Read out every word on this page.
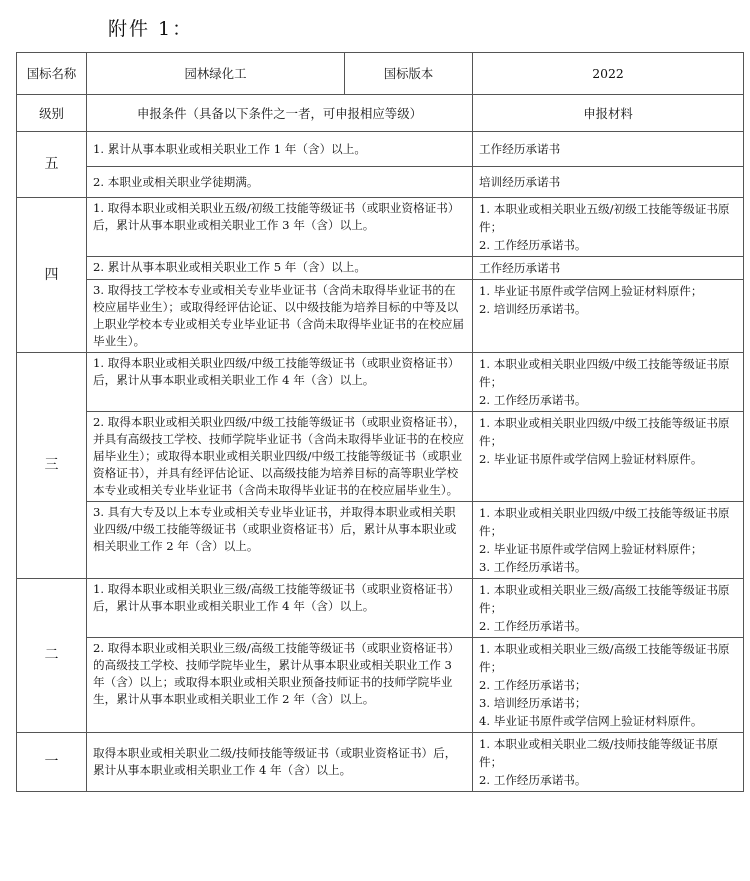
附件 1：
国标名称	园林绿化工	国标版本	2022
级别	申报条件（具备以下条件之一者，可申报相应等级）		申报材料
五	1. 累计从事本职业或相关职业工作 1 年（含）以上。		工作经历承诺书

	2. 本职业或相关职业学徒期满。		培训经历承诺书

四	1. 取得本职业或相关职业五级/初级工技能等级证书（或职业资格证书）后，累计从事本职业或相关职业工作 3 年（含）以上。		1. 本职业或相关职业五级/初级工技能等级证书原件；
2. 工作经历承诺书。

	2. 累计从事本职业或相关职业工作 5 年（含）以上。		工作经历承诺书

	3. 取得技工学校本专业或相关专业毕业证书（含尚未取得毕业证书的在校应届毕业生）；或取得经评估论证、以中级技能为培养目标的中等及以上职业学校本专业或相关专业毕业证书（含尚未取得毕业证书的在校应届毕业生）。		1. 毕业证书原件或学信网上验证材料原件；
2. 培训经历承诺书。

三	1. 取得本职业或相关职业四级/中级工技能等级证书（或职业资格证书）后，累计从事本职业或相关职业工作 4 年（含）以上。		1. 本职业或相关职业四级/中级工技能等级证书原件；
2. 工作经历承诺书。

	2. 取得本职业或相关职业四级/中级工技能等级证书（或职业资格证书），并具有高级技工学校、技师学院毕业证书（含尚未取得毕业证书的在校应届毕业生）；或取得本职业或相关职业四级/中级工技能等级证书（或职业资格证书），并具有经评估论证、以高级技能为培养目标的高等职业学校本专业或相关专业毕业证书（含尚未取得毕业证书的在校应届毕业生）。		1. 本职业或相关职业四级/中级工技能等级证书原件；
2. 毕业证书原件或学信网上验证材料原件。

	3. 具有大专及以上本专业或相关专业毕业证书，并取得本职业或相关职业四级/中级工技能等级证书（或职业资格证书）后，累计从事本职业或相关职业工作 2 年（含）以上。		1. 本职业或相关职业四级/中级工技能等级证书原件；
2. 毕业证书原件或学信网上验证材料原件；
3. 工作经历承诺书。

二	1. 取得本职业或相关职业三级/高级工技能等级证书（或职业资格证书）后，累计从事本职业或相关职业工作 4 年（含）以上。		1. 本职业或相关职业三级/高级工技能等级证书原件；
2. 工作经历承诺书。

	2. 取得本职业或相关职业三级/高级工技能等级证书（或职业资格证书）的高级技工学校、技师学院毕业生，累计从事本职业或相关职业工作 3 年（含）以上；或取得本职业或相关职业预备技师证书的技师学院毕业生，累计从事本职业或相关职业工作 2 年（含）以上。		1. 本职业或相关职业三级/高级工技能等级证书原件；
2. 工作经历承诺书；
3. 培训经历承诺书；
4. 毕业证书原件或学信网上验证材料原件。

一	取得本职业或相关职业二级/技师技能等级证书（或职业资格证书）后，累计从事本职业或相关职业工作 4 年（含）以上。		1. 本职业或相关职业二级/技师技能等级证书原件；
2. 工作经历承诺书。
